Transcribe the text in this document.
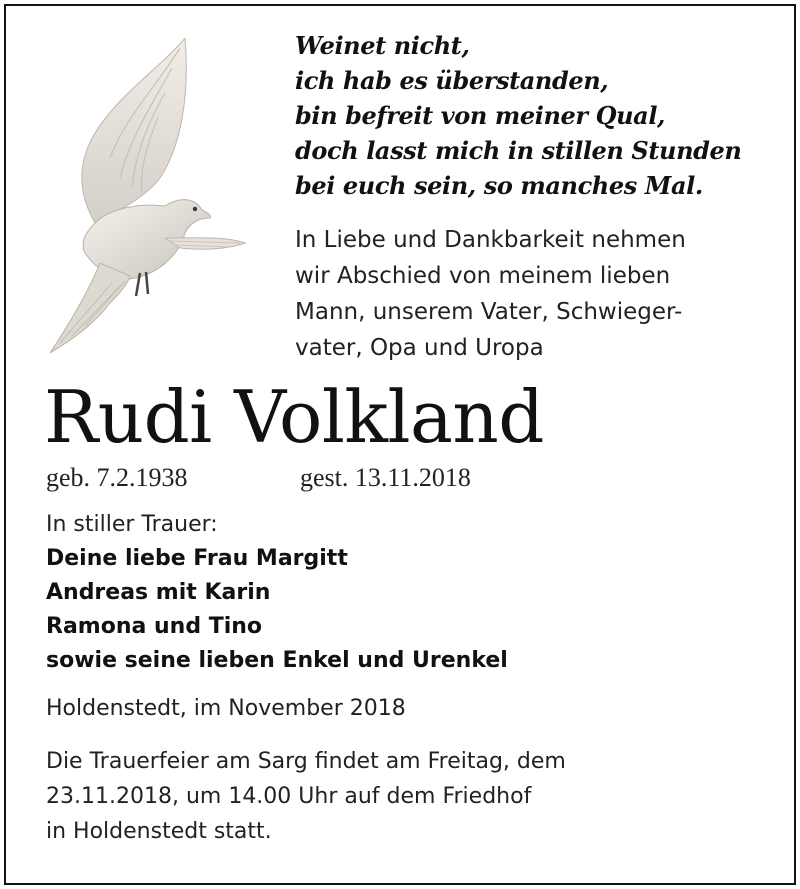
Weinet nicht,
ich hab es überstanden,
bin befreit von meiner Qual,
doch lasst mich in stillen Stunden
bei euch sein, so manches Mal.
In Liebe und Dankbarkeit nehmen
wir Abschied von meinem lieben
Mann, unserem Vater, Schwieger-
vater, Opa und Uropa
Rudi Volkland
geb. 7.2.1938	gest. 13.11.2018
In stiller Trauer:
Deine liebe Frau Margitt
Andreas mit Karin
Ramona und Tino
sowie seine lieben Enkel und Urenkel
Holdenstedt, im November 2018
Die Trauerfeier am Sarg findet am Freitag, dem
23.11.2018, um 14.00 Uhr auf dem Friedhof
in Holdenstedt statt.
